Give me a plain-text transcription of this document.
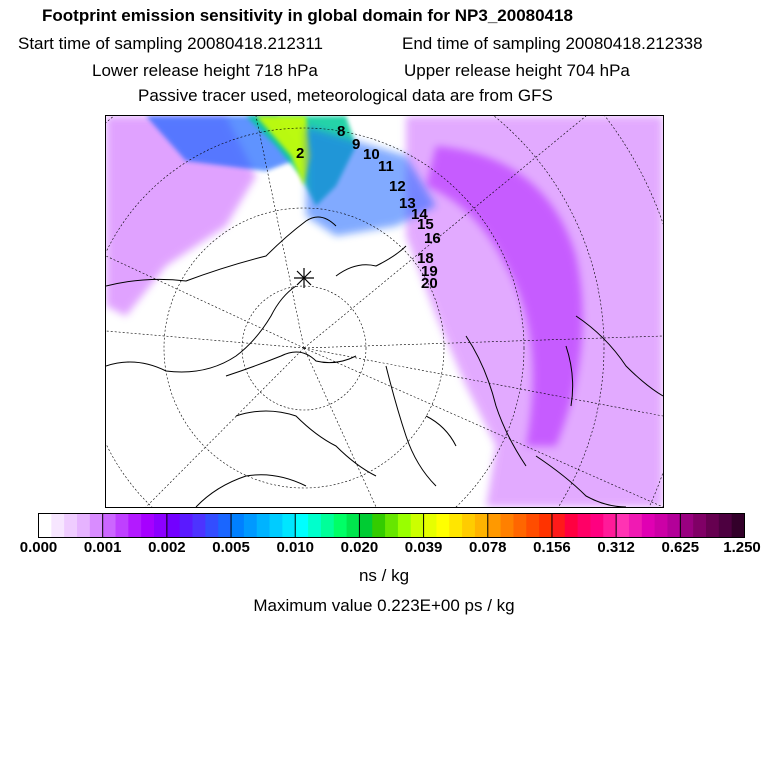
Footprint emission sensitivity in global domain for NP3_20080418
Start time of sampling 20080418.212311	End time of sampling 20080418.212338
Lower release height 718 hPa	Upper release height 704 hPa
Passive tracer used, meteorological data are from GFS
2
8
9
10
11
12
13
14
15
16
18
19
20
0.000 0.001 0.002 0.005 0.010 0.020 0.039 0.078 0.156 0.312 0.625 1.250
ns / kg
Maximum value 0.223E+00 ps / kg
